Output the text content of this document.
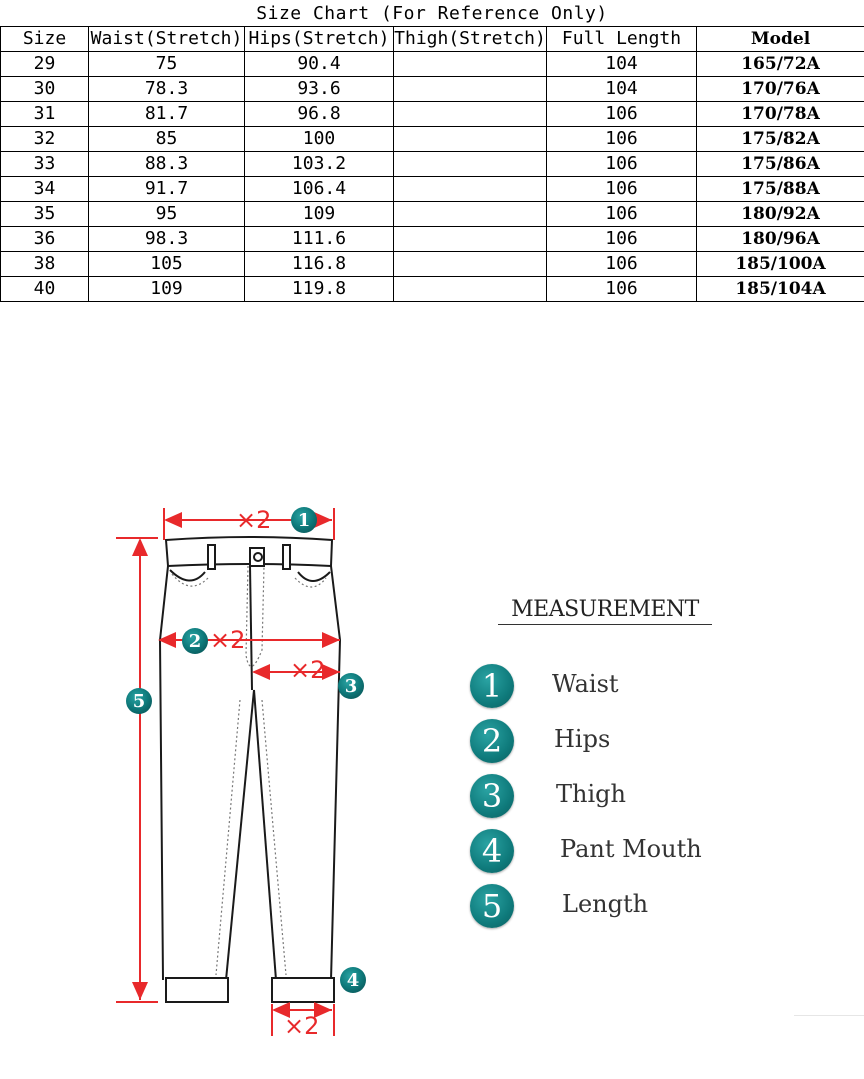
Size Chart (For Reference Only)
Size	Waist(Stretch)	Hips(Stretch)	Thigh(Stretch)	Full Length	Model
29	75	90.4		104	165/72A
30	78.3	93.6		104	170/76A
31	81.7	96.8		106	170/78A
32	85	100		106	175/82A
33	88.3	103.2		106	175/86A
34	91.7	106.4		106	175/88A
35	95	109		106	180/92A
36	98.3	111.6		106	180/96A
38	105	116.8		106	185/100A
40	109	119.8		106	185/104A
×2
×2
×2
×2
1
2
3
4
5
MEASUREMENT
1	Waist
2	Hips
3	Thigh
4	Pant Mouth
5	Length
